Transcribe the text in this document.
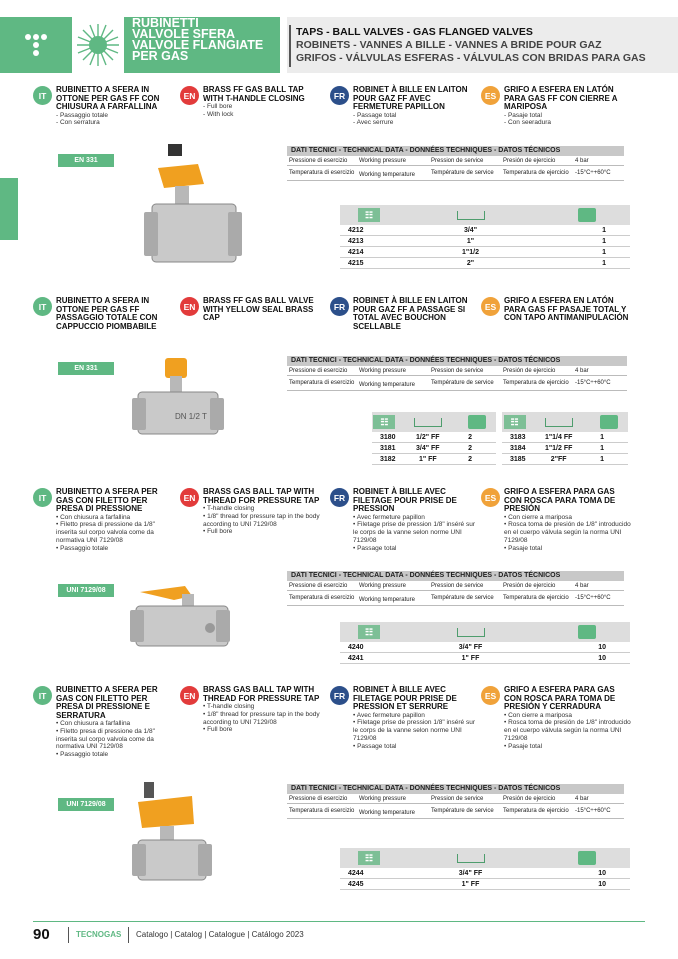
RUBINETTI
VALVOLE SFERA
VALVOLE FLANGIATE
PER GAS
TAPS - BALL VALVES - GAS FLANGED VALVES
ROBINETS - VANNES A BILLE - VANNES A BRIDE POUR GAZ
GRIFOS - VÁLVULAS ESFERAS - VÁLVULAS CON BRIDAS PARA GAS
IT
RUBINETTO A SFERA IN OTTONE PER GAS FF CON CHIUSURA A FARFALLINA
- Passaggio totale
- Con serratura
EN
BRASS FF GAS BALL TAP WITH T-HANDLE CLOSING
- Full bore
- With lock
FR
ROBINET À BILLE EN LAITON POUR GAZ FF AVEC FERMETURE PAPILLON
- Passage total
- Avec serrure
ES
GRIFO A ESFERA EN LATÓN PARA GAS FF CON CIERRE A MARIPOSA
- Pasaje total
- Con seeradura
EN 331
DATI TECNICI - TECHNICAL DATA - DONNÉES TECHNIQUES - DATOS TÉCNICOS
Pressione di esercizio	Working pressure	Pression de service	Presión de ejercicio	4 bar
Temperatura di esercizio Working temperature	Température de service	Temperatura de ejercicio	-15°C÷+60°C
☷
4212	3/4"	1
4213	1"	1
4214	1"1/2	1
4215	2"	1
IT
RUBINETTO A SFERA IN OTTONE PER GAS FF PASSAGGIO TOTALE CON CAPPUCCIO PIOMBABILE
EN
BRASS FF GAS BALL VALVE WITH YELLOW SEAL BRASS CAP
FR
ROBINET À BILLE EN LAITON POUR GAZ FF A PASSAGE SI TOTAL AVEC BOUCHON SCELLABLE
ES
GRIFO A ESFERA EN LATÓN PARA GAS FF PASAJE TOTAL Y CON TAPO ANTIMANIPULACIÓN
EN 331
DATI TECNICI - TECHNICAL DATA - DONNÉES TECHNIQUES - DATOS TÉCNICOS
Pressione di esercizio	Working pressure	Pression de service	Presión de ejercicio	4 bar
Temperatura di esercizio Working temperature	Température de service	Temperatura de ejercicio	-15°C÷+60°C
DN 1/2 T	☷
3180	1/2" FF	2
3181	3/4" FF	2
3182	1" FF	2
☷
3183	1"1/4 FF	1
3184	1"1/2 FF	1
3185	2"FF	1
IT
RUBINETTO A SFERA PER GAS CON FILETTO PER PRESA DI PRESSIONE
• Con chiusura a farfallina
• Filetto presa di pressione da 1/8" inserita sul corpo valvola come da normativa UNI 7129/08
• Passaggio totale
EN
BRASS GAS BALL TAP WITH THREAD FOR PRESSURE TAP
• T-handle closing
• 1/8" thread for pressure tap in the body according to UNI 7129/08
• Full bore
FR
ROBINET À BILLE AVEC FILETAGE POUR PRISE DE PRESSION
• Avec fermeture papillon
• Filetage prise de pression 1/8" inséré sur le corps de la vanne selon norme UNI 7129/08
• Passage total
ES
GRIFO A ESFERA PARA GAS CON ROSCA PARA TOMA DE PRESIÓN
• Con cierre a mariposa
• Rosca toma de presión de 1/8" introducido en el cuerpo válvula según la norma UNI 7129/08
• Pasaje total
UNI 7129/08
DATI TECNICI - TECHNICAL DATA - DONNÉES TECHNIQUES - DATOS TÉCNICOS
Pressione di esercizio	Working pressure	Pression de service	Presión de ejercicio	4 bar
Temperatura di esercizio Working temperature	Température de service	Temperatura de ejercicio	-15°C÷+60°C
☷
4240	3/4" FF	10
4241	1" FF	10
IT
RUBINETTO A SFERA PER GAS CON FILETTO PER PRESA DI PRESSIONE E SERRATURA
• Con chiusura a farfallina
• Filetto presa di pressione da 1/8" inserita sul corpo valvola come da normativa UNI 7129/08
• Passaggio totale
EN
BRASS GAS BALL TAP WITH THREAD FOR PRESSURE TAP
• T-handle closing
• 1/8" thread for pressure tap in the body according to UNI 7129/08
• Full bore
FR
ROBINET À BILLE AVEC FILETAGE POUR PRISE DE PRESSION ET SERRURE
• Avec fermeture papillon
• Filetage prise de pression 1/8" inséré sur le corps de la vanne selon norme UNI 7129/08
• Passage total
ES
GRIFO A ESFERA PARA GAS CON ROSCA PARA TOMA DE PRESIÓN Y CERRADURA
• Con cierre a mariposa
• Rosca toma de presión de 1/8" introducido en el cuerpo válvula según la norma UNI 7129/08
• Pasaje total
UNI 7129/08
DATI TECNICI - TECHNICAL DATA - DONNÉES TECHNIQUES - DATOS TÉCNICOS
Pressione di esercizio	Working pressure	Pression de service	Presión de ejercicio	4 bar
Temperatura di esercizio Working temperature	Température de service	Temperatura de ejercicio	-15°C÷+60°C
☷
4244	3/4" FF	10
4245	1" FF	10
90	TECNOGAS Catalogo | Catalog | Catalogue | Catálogo 2023
